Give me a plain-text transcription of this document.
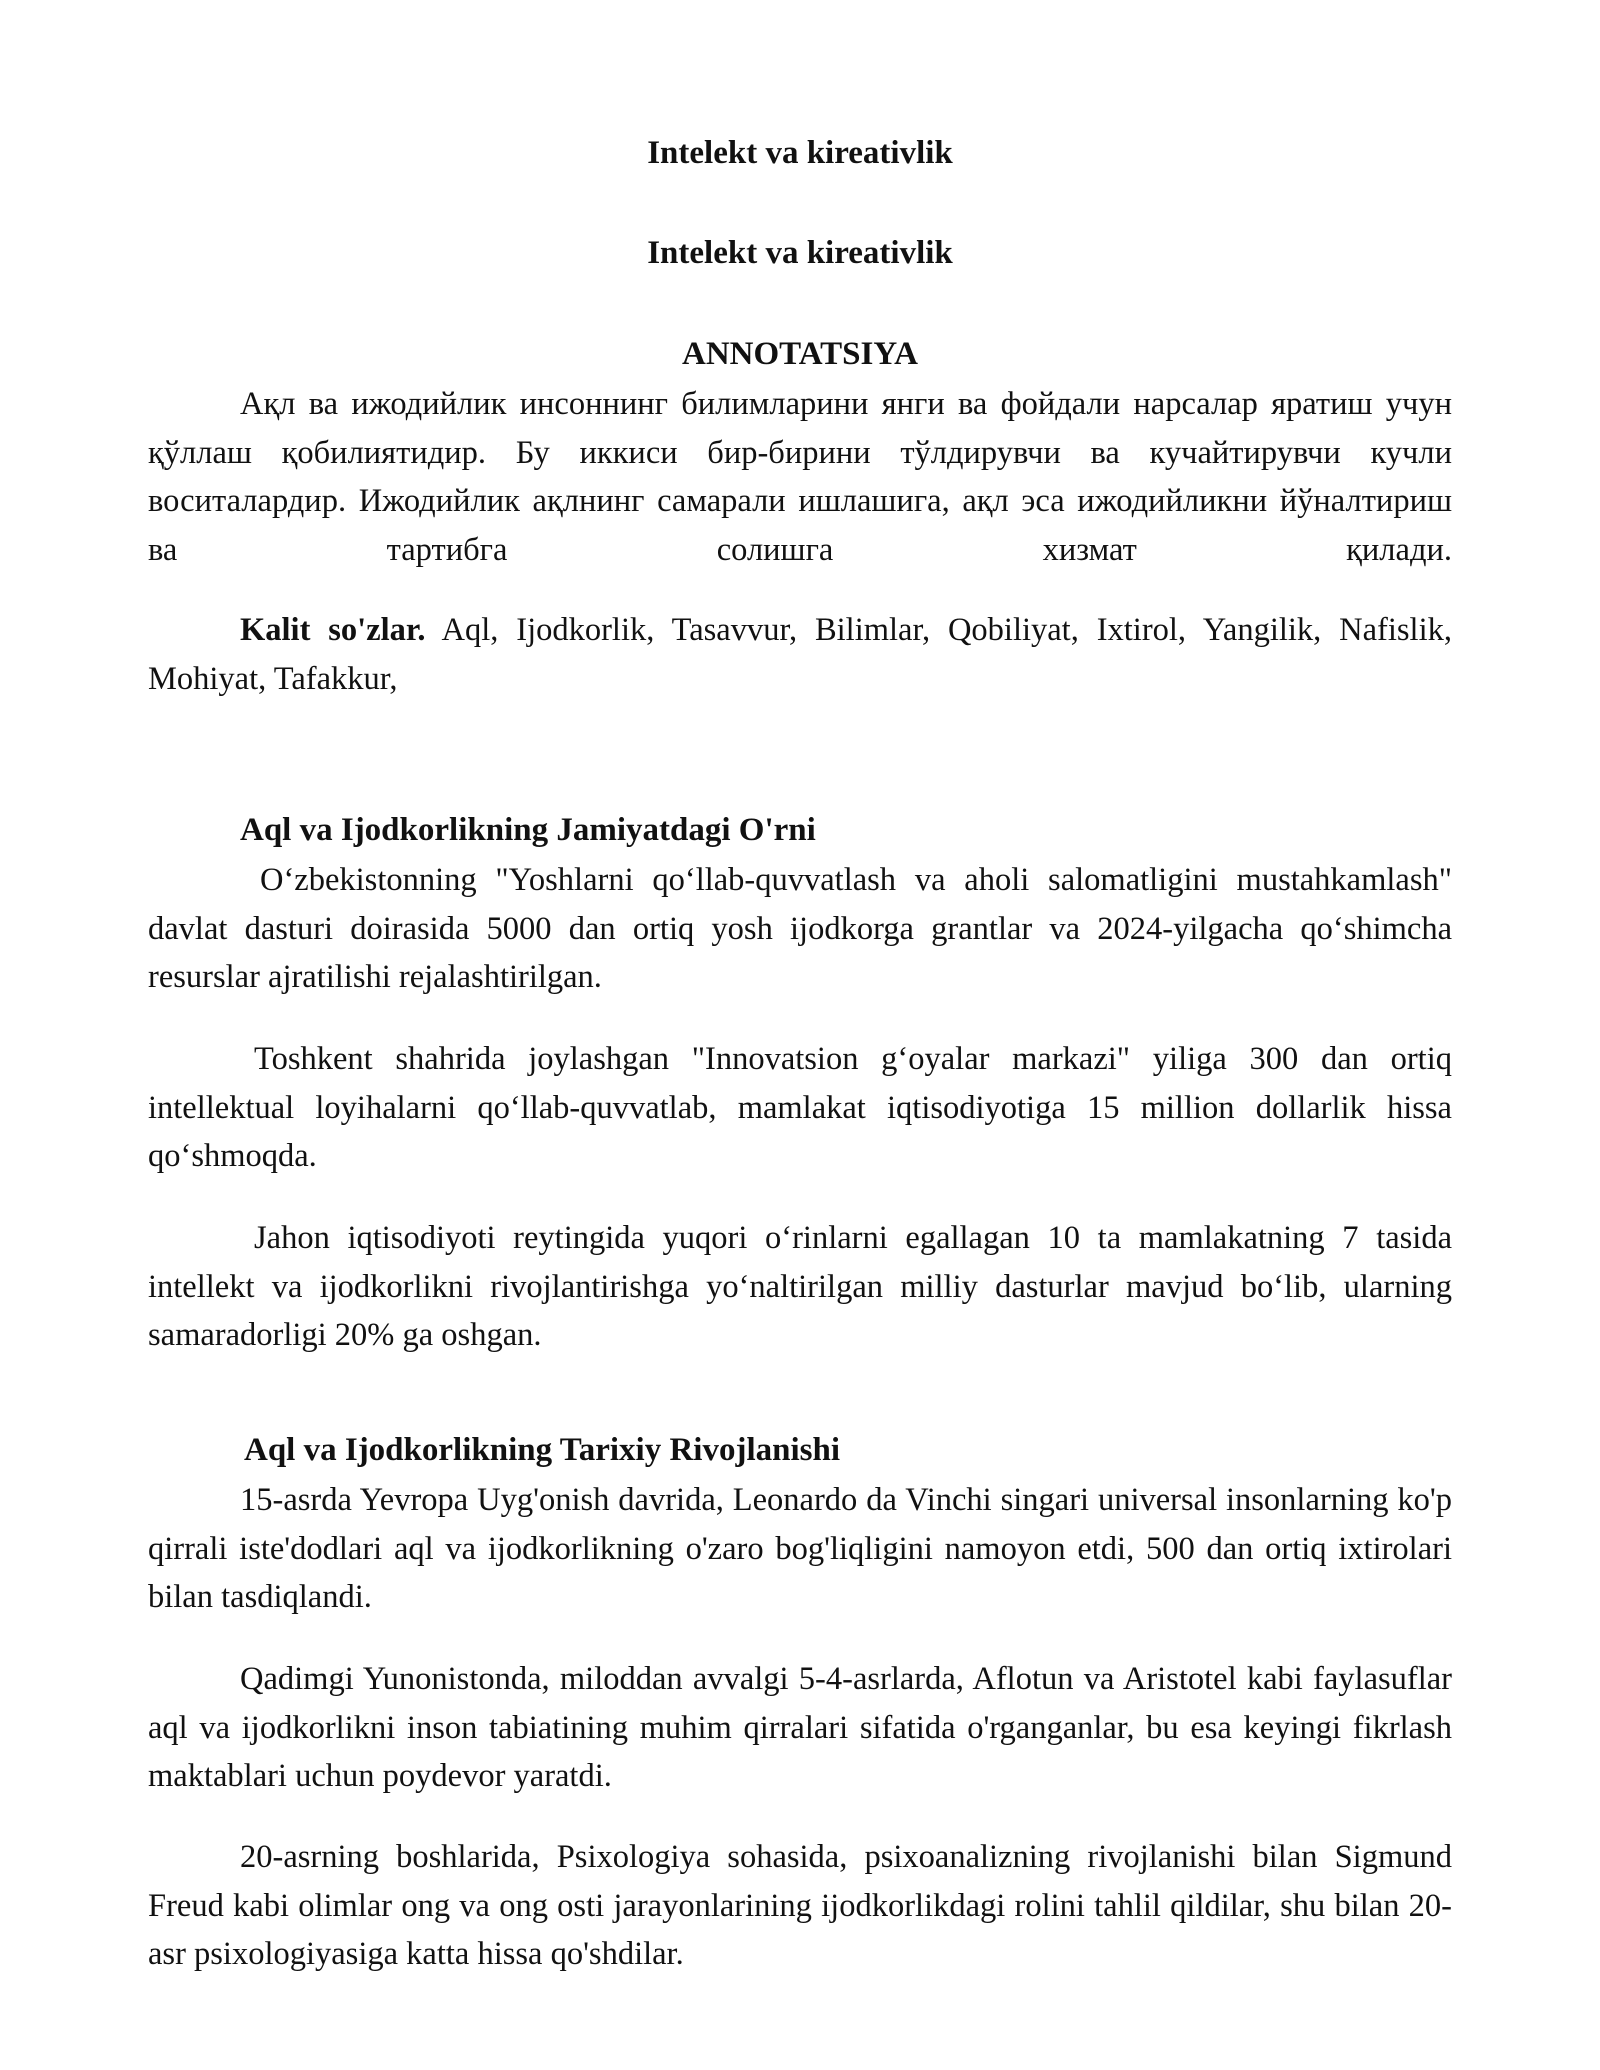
Intelekt va kireativlik
Intelekt va kireativlik
ANNOTATSIYA

Ақл ва ижодийлик инсоннинг билимларини янги ва фойдали нарсалар яратиш учун қўллаш қобилиятидир. Бу иккиси бир-бирини тўлдирувчи ва кучайтирувчи кучли воситалардир. Ижодийлик ақлнинг самарали ишлашига, ақл эса ижодийликни йўналтириш ва тартибга солишга хизмат қилади.

Kalit so'zlar. Aql, Ijodkorlik, Tasavvur, Bilimlar, Qobiliyat, Ixtirol, Yangilik, Nafislik, Mohiyat, Tafakkur,

Aql va Ijodkorlikning Jamiyatdagi O'rni

O‘zbekistonning "Yoshlarni qo‘llab-quvvatlash va aholi salomatligini mustahkamlash" davlat dasturi doirasida 5000 dan ortiq yosh ijodkorga grantlar va 2024-yilgacha qo‘shimcha resurslar ajratilishi rejalashtirilgan.

Toshkent shahrida joylashgan "Innovatsion g‘oyalar markazi" yiliga 300 dan ortiq intellektual loyihalarni qo‘llab-quvvatlab, mamlakat iqtisodiyotiga 15 million dollarlik hissa qo‘shmoqda.

Jahon iqtisodiyoti reytingida yuqori o‘rinlarni egallagan 10 ta mamlakatning 7 tasida intellekt va ijodkorlikni rivojlantirishga yo‘naltirilgan milliy dasturlar mavjud bo‘lib, ularning samaradorligi 20% ga oshgan.

Aql va Ijodkorlikning Tarixiy Rivojlanishi

15-asrda Yevropa Uyg'onish davrida, Leonardo da Vinchi singari universal insonlarning ko'p qirrali iste'dodlari aql va ijodkorlikning o'zaro bog'liqligini namoyon etdi, 500 dan ortiq ixtirolari bilan tasdiqlandi.

Qadimgi Yunonistonda, miloddan avvalgi 5-4-asrlarda, Aflotun va Aristotel kabi faylasuflar aql va ijodkorlikni inson tabiatining muhim qirralari sifatida o'rganganlar, bu esa keyingi fikrlash maktablari uchun poydevor yaratdi.

20-asrning boshlarida, Psixologiya sohasida, psixoanalizning rivojlanishi bilan Sigmund Freud kabi olimlar ong va ong osti jarayonlarining ijodkorlikdagi rolini tahlil qildilar, shu bilan 20-asr psixologiyasiga katta hissa qo'shdilar.
